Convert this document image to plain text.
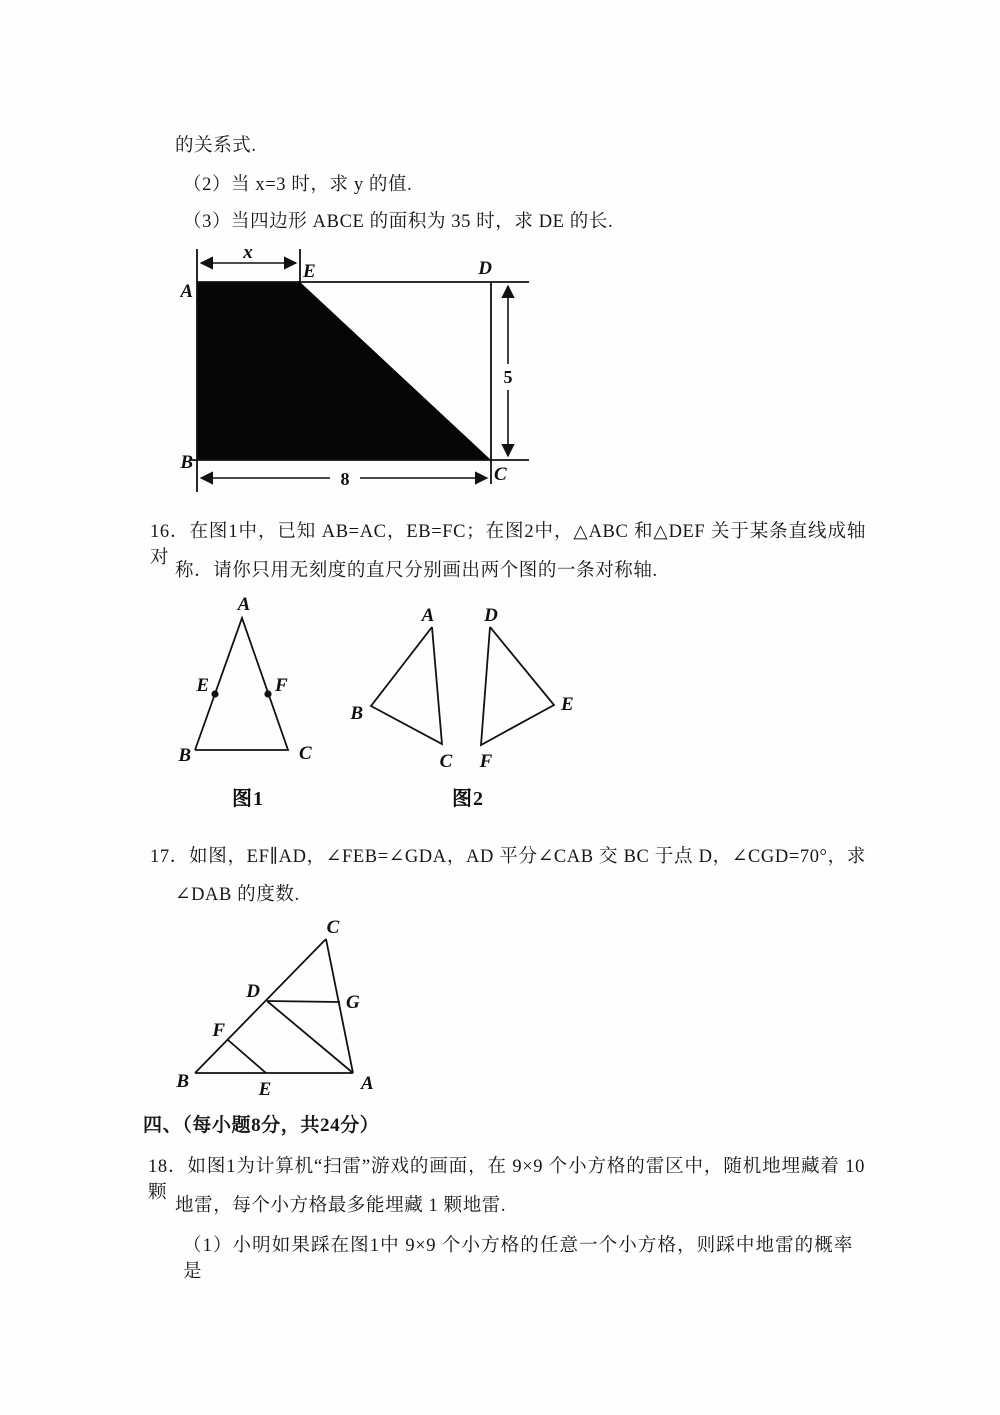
的关系式.
（2）当 x=3 时，求 y 的值.
（3）当四边形 ABCE 的面积为 35 时，求 DE 的长.
x
5
8
A
B
C
D
E
16．在图1中，已知 AB=AC，EB=FC；在图2中，△ABC 和△DEF 关于某条直线成轴对
称．请你只用无刻度的直尺分别画出两个图的一条对称轴.
A
E	F
B	C
图1
A	D
B	E
C F
图2
17．如图，EF∥AD，∠FEB=∠GDA，AD 平分∠CAB 交 BC 于点 D，∠CGD=70°，求
∠DAB 的度数.
C
D
G
F
B	E	A
四、（每小题8分，共24分）
18．如图1为计算机“扫雷”游戏的画面，在 9×9 个小方格的雷区中，随机地埋藏着 10 颗
地雷，每个小方格最多能埋藏 1 颗地雷.
（1）小明如果踩在图1中 9×9 个小方格的任意一个小方格，则踩中地雷的概率是
